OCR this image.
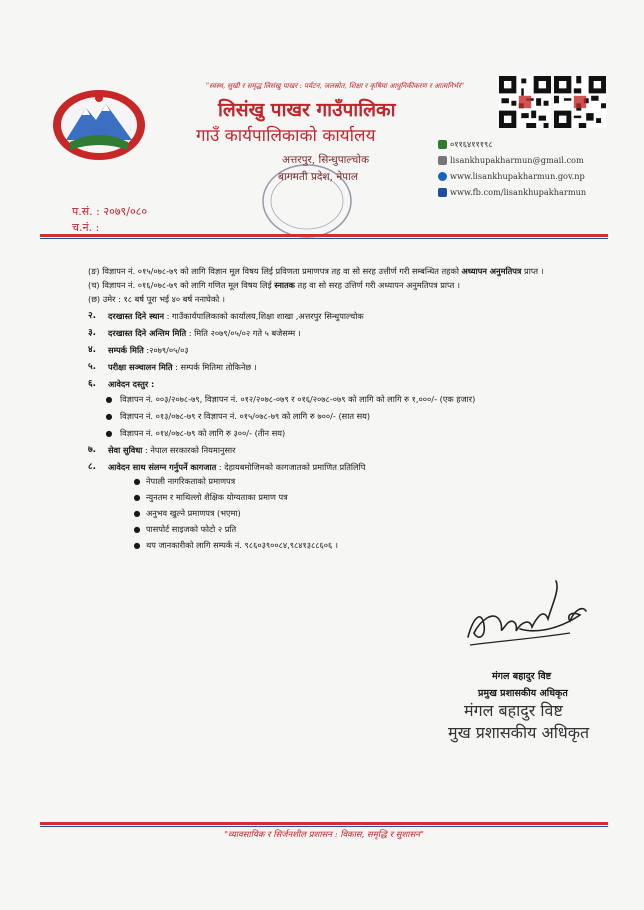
"स्वस्थ, सुखी र समृद्ध लिसंखु पाखर : पर्यटन, जलस्रोत, शिक्षा र कृषिमा आधुनिकीकरण र आत्मनिर्भर"
लिसंखु पाखर गाउँपालिका
गाउँ कार्यपालिकाको कार्यालय
अत्तरपुर, सिन्धुपाल्चोक
बागमती प्रदेश, नेपाल
०११६४१११९८
lisankhupakharmun@gmail.com
www.lisankhupakharmun.gov.np
www.fb.com/lisankhupakharmun
प.सं. : २०७९/०८०
च.नं. :
(ङ) विज्ञापन नं. ०१५/०७८-७९ को लागि विज्ञान मूल विषय लिई प्रविणता प्रमाणपत्र तह वा सो सरह उत्तीर्ण गरी सम्बन्धित तहको अध्यापन अनुमतिपत्र प्राप्त ।
(च) विज्ञापन नं. ०१६/०७८-७९ को लागि गणित मूल विषय लिई स्नातक तह वा सो सरह उत्तिर्ण गरी अध्यापन अनुमतिपत्र प्राप्त ।
(छ) उमेर : १८ बर्ष पूरा भई ४० बर्ष ननाघेको ।
२.	दरखास्त दिने स्थान : गाउँकार्यपालिकाको कार्यालय,शिक्षा शाखा ,अत्तरपुर सिन्धुपाल्चोक
३.	दरखास्त दिने अन्तिम मिति : मिति २०७९/०५/०२ गते ५ बजेसम्म ।
४.	सम्पर्क मिति :२०७९/०५/०३
५.	परीक्षा सञ्चालन मिति : सम्पर्क मितिमा तोकिनेछ ।
६.	आवेदन दस्तुर :
● विज्ञापन नं. ००३/२०७८-७९, विज्ञापन नं. ०१२/२०७८-०७९ र ०१६/२०७८-०७९ को लागि को लागि रु १,०००/- (एक हजार)
● विज्ञापन नं. ०१३/०७८-७९ र विज्ञापन नं. ०१५/०७८-७९ को लागि रु ७००/- (सात सय)
● विज्ञापन नं. ०१४/०७८-७९ को लागि रु ३००/- (तीन सय)
७.	सेवा सुविधा : नेपाल सरकारको नियमानुसार
८.	आवेदन साथ संलग्न गर्नुपर्ने कागजात : देहायबमोजिमको कागजातको प्रमाणित प्रतिलिपि
● नेपाली नागरिकताको प्रमाणपत्र
● न्युनतम र माथिल्लो शैक्षिक योग्यताका प्रमाण पत्र
● अनुभव खुल्ने प्रमाणपत्र (भएमा)
● पासपोर्ट साइजको फोटो २ प्रति
● थप जानकारीको लागि सम्पर्क नं. ९८६०३९००८४,९८४१३८८६०६ ।
मंगल बहादुर विष्ट
प्रमुख प्रशासकीय अधिकृत
मंगल बहादुर विष्ट
मुख प्रशासकीय अधिकृत
"व्यावसायिक र सिर्जनशील प्रशासन : विकास, समृद्धि र सुशासन"
